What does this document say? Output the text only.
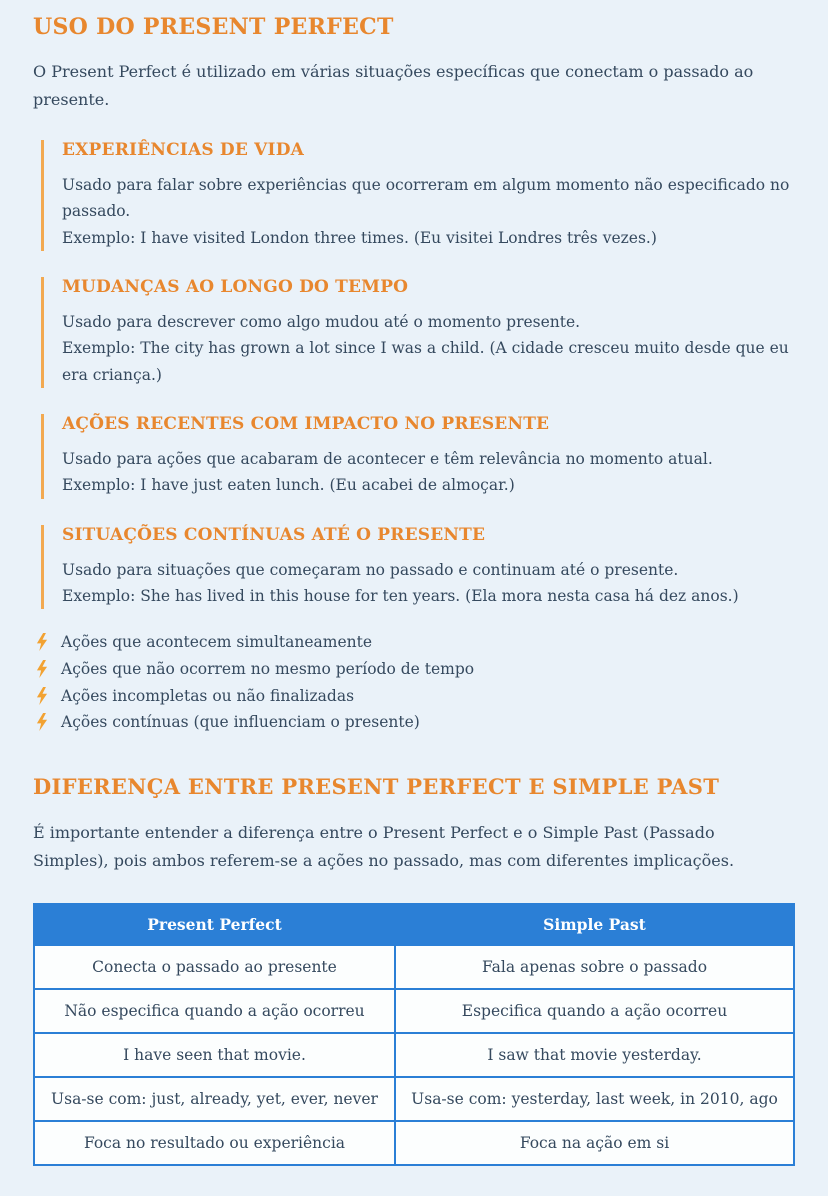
USO DO PRESENT PERFECT

O Present Perfect é utilizado em várias situações específicas que conectam o passado ao presente.

EXPERIÊNCIAS DE VIDA

Usado para falar sobre experiências que ocorreram em algum momento não especificado no passado.

Exemplo: I have visited London three times. (Eu visitei Londres três vezes.)

MUDANÇAS AO LONGO DO TEMPO

Usado para descrever como algo mudou até o momento presente.

Exemplo: The city has grown a lot since I was a child. (A cidade cresceu muito desde que eu era criança.)

AÇÕES RECENTES COM IMPACTO NO PRESENTE

Usado para ações que acabaram de acontecer e têm relevância no momento atual.

Exemplo: I have just eaten lunch. (Eu acabei de almoçar.)

SITUAÇÕES CONTÍNUAS ATÉ O PRESENTE

Usado para situações que começaram no passado e continuam até o presente.

Exemplo: She has lived in this house for ten years. (Ela mora nesta casa há dez anos.)

Ações que acontecem simultaneamente
Ações que não ocorrem no mesmo período de tempo
Ações incompletas ou não finalizadas
Ações contínuas (que influenciam o presente)
DIFERENÇA ENTRE PRESENT PERFECT E SIMPLE PAST

É importante entender a diferença entre o Present Perfect e o Simple Past (Passado Simples), pois ambos referem-se a ações no passado, mas com diferentes implicações.

Present Perfect	Simple Past
Conecta o passado ao presente	Fala apenas sobre o passado
Não especifica quando a ação ocorreu	Especifica quando a ação ocorreu
I have seen that movie.	I saw that movie yesterday.
Usa-se com: just, already, yet, ever, never	Usa-se com: yesterday, last week, in 2010, ago
Foca no resultado ou experiência	Foca na ação em si
